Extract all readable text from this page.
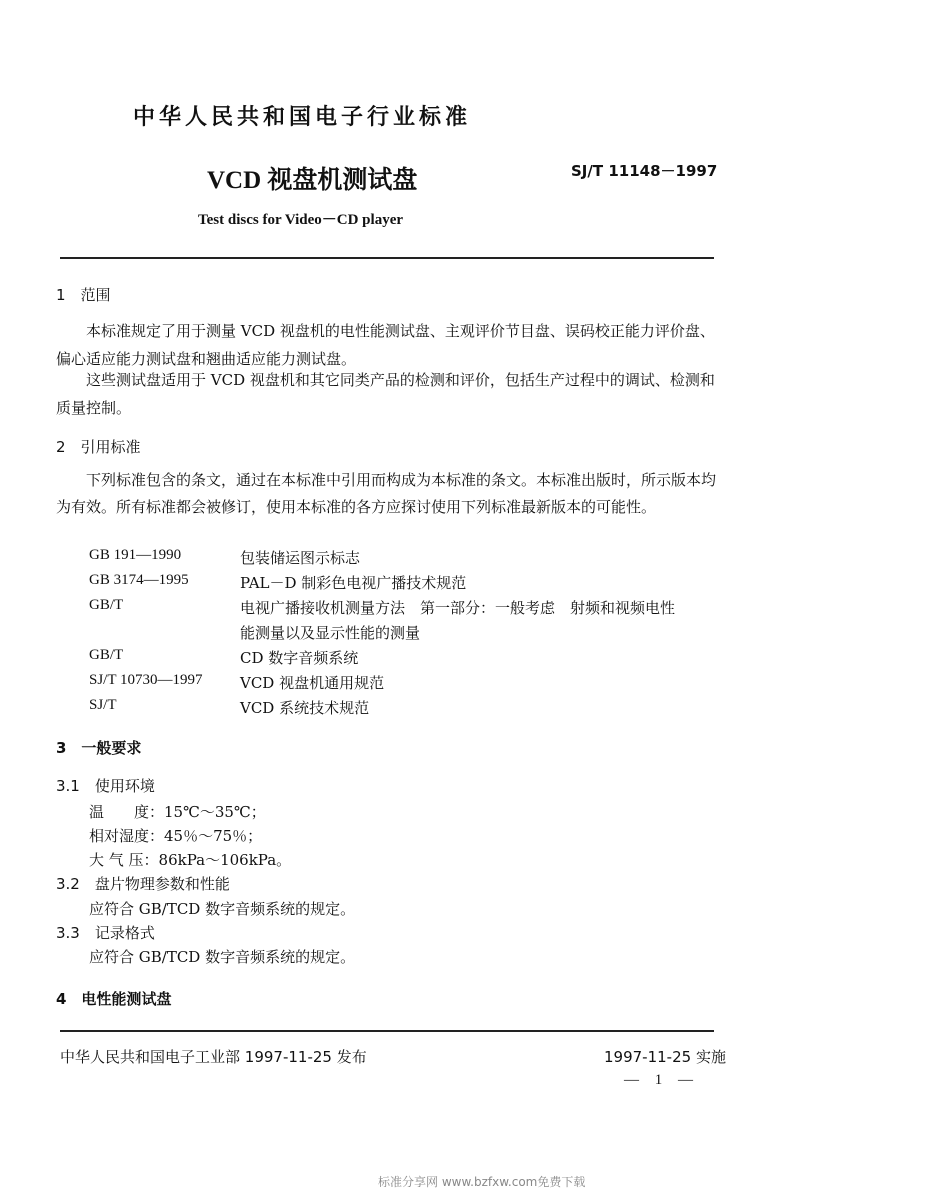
中华人民共和国电子行业标准
VCD 视盘机测试盘	SJ/T 11148－1997
Test discs for Video－CD player
1　范围
本标准规定了用于测量 VCD 视盘机的电性能测试盘、主观评价节目盘、误码校正能力评价盘、偏心适应能力测试盘和翘曲适应能力测试盘。
这些测试盘适用于 VCD 视盘机和其它同类产品的检测和评价，包括生产过程中的调试、检测和质量控制。
2　引用标准
下列标准包含的条文，通过在本标准中引用而构成为本标准的条文。本标准出版时，所示版本均为有效。所有标准都会被修订，使用本标准的各方应探讨使用下列标准最新版本的可能性。
GB 191—1990	包装储运图示标志
GB 3174—1995	PAL－D 制彩色电视广播技术规范
GB/T	电视广播接收机测量方法　第一部分：一般考虑　射频和视频电性
能测量以及显示性能的测量
GB/T	CD 数字音频系统
SJ/T 10730—1997	VCD 视盘机通用规范
SJ/T	VCD 系统技术规范
3　一般要求
3.1　使用环境
温　　度：15℃～35℃；
相对湿度：45％～75％；
大 气 压：86kPa～106kPa。
3.2　盘片物理参数和性能
应符合 GB/TCD 数字音频系统的规定。
3.3　记录格式
应符合 GB/TCD 数字音频系统的规定。
4　电性能测试盘
中华人民共和国电子工业部 1997-11-25 发布	1997-11-25 实施
— 1 —
标准分享网 www.bzfxw.com免费下载
